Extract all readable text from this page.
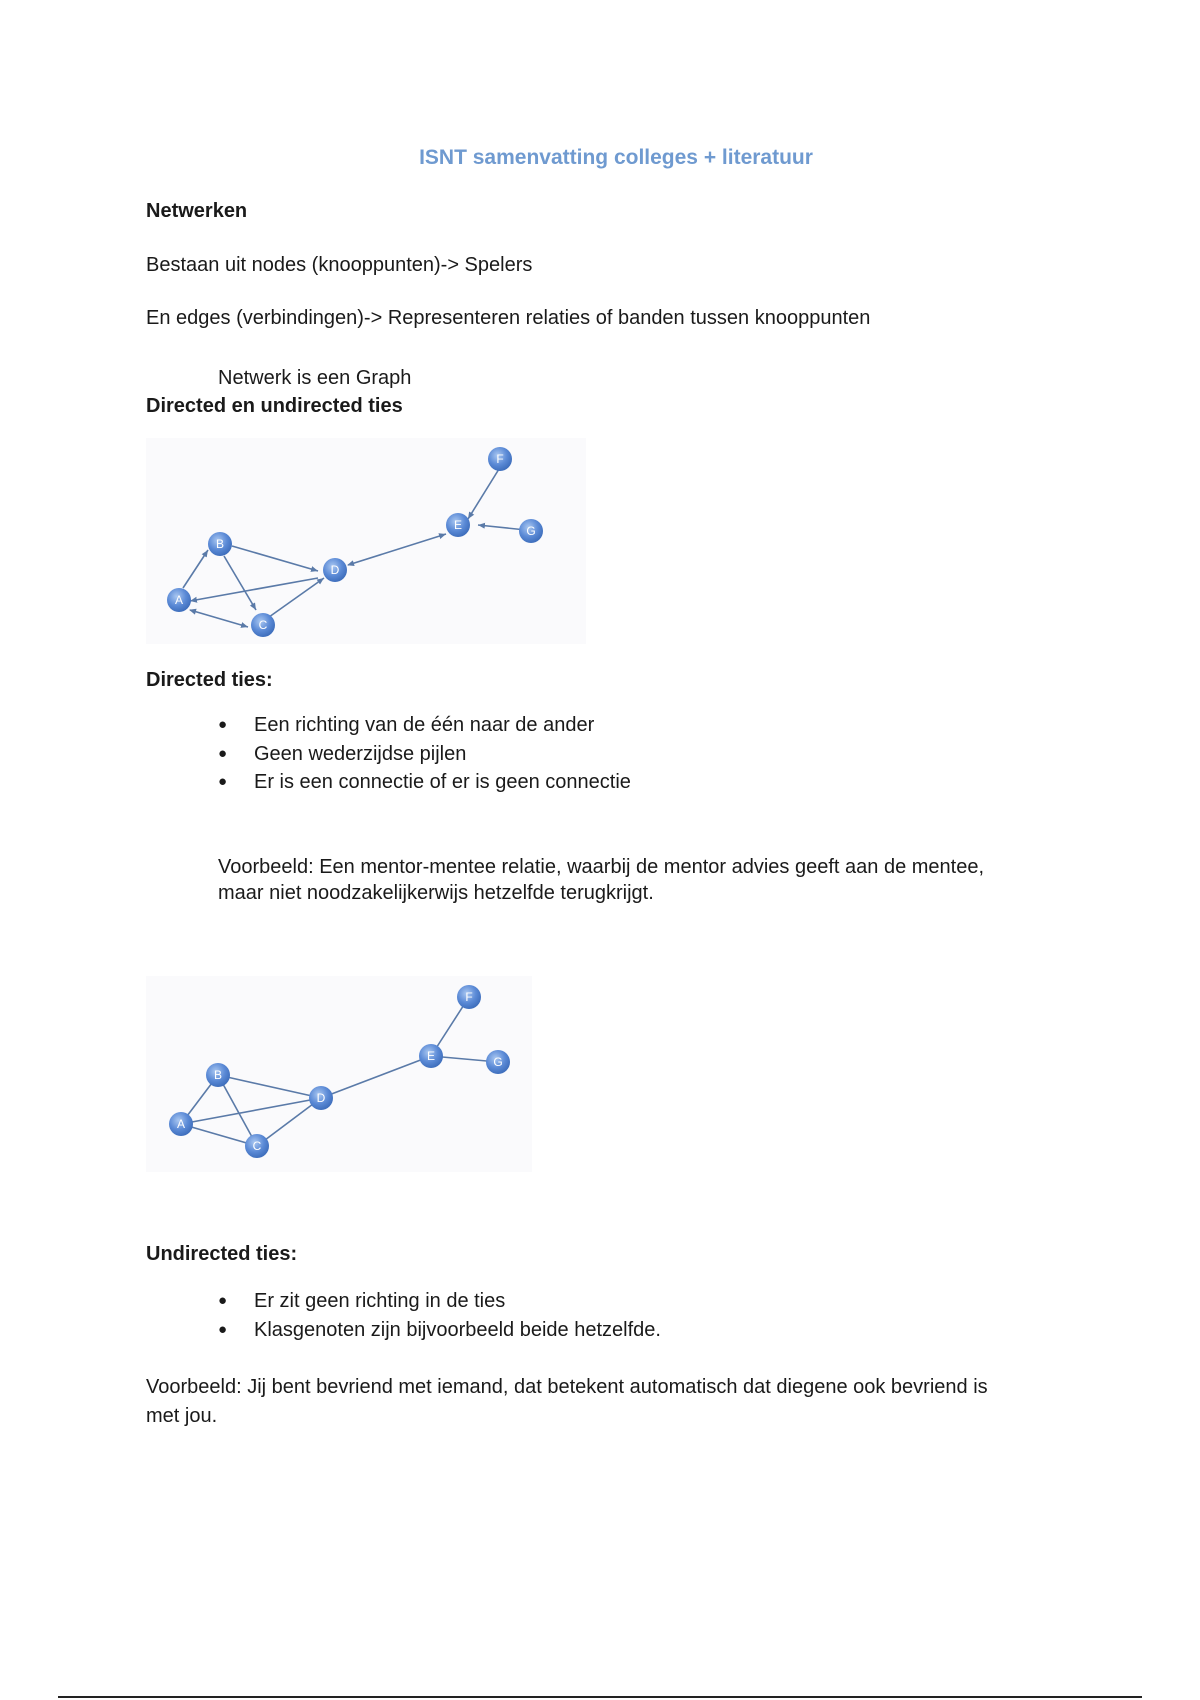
ISNT samenvatting colleges + literatuur
Netwerken
Bestaan uit nodes (knooppunten)-> Spelers
En edges (verbindingen)-> Representeren relaties of banden tussen knooppunten
Netwerk is een Graph
Directed en undirected ties
A
B
C
D
E
F
G
Directed ties:
● Een richting van de één naar de ander
● Geen wederzijdse pijlen
● Er is een connectie of er is geen connectie
Voorbeeld: Een mentor-mentee relatie, waarbij de mentor advies geeft aan de mentee,
maar niet noodzakelijkerwijs hetzelfde terugkrijgt.
A
B
C
D
E
F
G
Undirected ties:
● Er zit geen richting in de ties
● Klasgenoten zijn bijvoorbeeld beide hetzelfde.
Voorbeeld: Jij bent bevriend met iemand, dat betekent automatisch dat diegene ook bevriend is
met jou.
